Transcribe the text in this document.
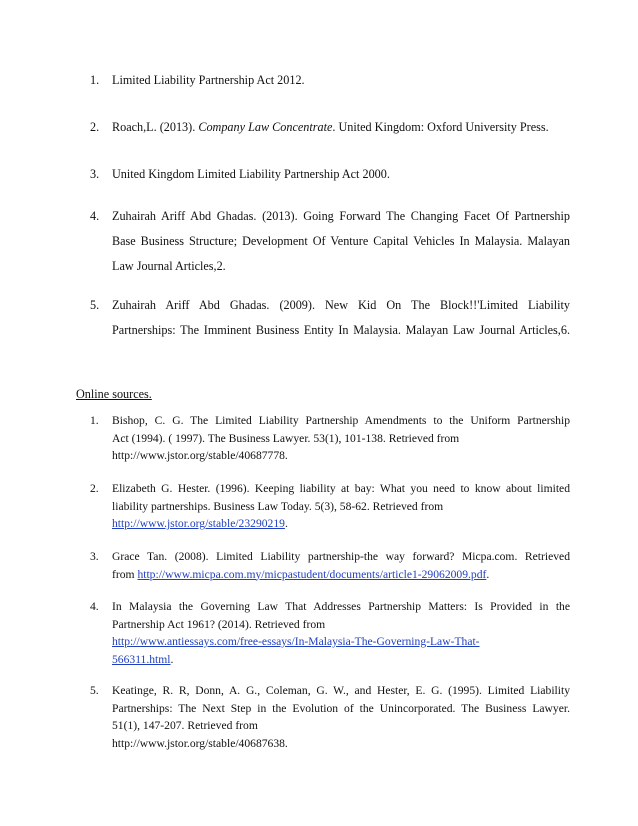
1. Limited Liability Partnership Act 2012.
2. Roach,L. (2013). Company Law Concentrate. United Kingdom: Oxford University Press.
3. United Kingdom Limited Liability Partnership Act 2000.
4. Zuhairah Ariff Abd Ghadas. (2013). Going Forward The Changing Facet Of Partnership
Base Business Structure; Development Of Venture Capital Vehicles In Malaysia. Malayan
Law Journal Articles,2.
5. Zuhairah Ariff Abd Ghadas. (2009). New Kid On The Block!!'Limited Liability
Partnerships: The Imminent Business Entity In Malaysia. Malayan Law Journal Articles,6.
Online sources.
1. Bishop, C. G. The Limited Liability Partnership Amendments to the Uniform Partnership
Act (1994). ( 1997). The Business Lawyer. 53(1), 101-138. Retrieved from
http://www.jstor.org/stable/40687778.
2. Elizabeth G. Hester. (1996). Keeping liability at bay: What you need to know about limited
liability partnerships. Business Law Today. 5(3), 58-62. Retrieved from
http://www.jstor.org/stable/23290219.
3. Grace Tan. (2008). Limited Liability partnership-the way forward? Micpa.com. Retrieved
from http://www.micpa.com.my/micpastudent/documents/article1-29062009.pdf.
4. In Malaysia the Governing Law That Addresses Partnership Matters: Is Provided in the
Partnership Act 1961? (2014). Retrieved from
http://www.antiessays.com/free-essays/In-Malaysia-The-Governing-Law-That-
566311.html.
5. Keatinge, R. R, Donn, A. G., Coleman, G. W., and Hester, E. G. (1995). Limited Liability
Partnerships: The Next Step in the Evolution of the Unincorporated. The Business Lawyer.
51(1), 147-207. Retrieved from
http://www.jstor.org/stable/40687638.
